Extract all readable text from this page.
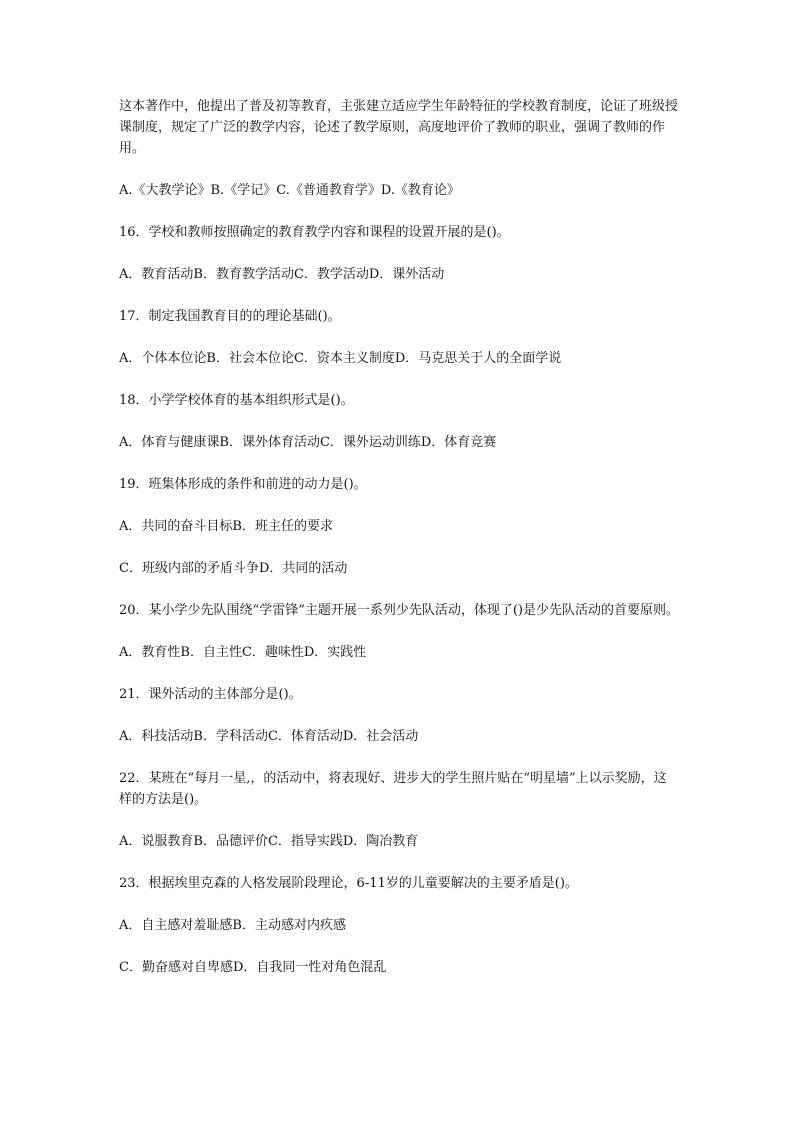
这本著作中，他提出了普及初等教育，主张建立适应学生年龄特征的学校教育制度，论证了班级授课制度，规定了广泛的教学内容，论述了教学原则，高度地评价了教师的职业，强调了教师的作用。

A.《大教学论》B.《学记》C.《普通教育学》D.《教育论》

16．学校和教师按照确定的教育教学内容和课程的设置开展的是()。

A．教育活动B．教育教学活动C．教学活动D．课外活动

17．制定我国教育目的的理论基础()。

A．个体本位论B．社会本位论C．资本主义制度D．马克思关于人的全面学说

18．小学学校体育的基本组织形式是()。

A．体育与健康课B．课外体育活动C．课外运动训练D．体育竞赛

19．班集体形成的条件和前进的动力是()。

A．共同的奋斗目标B．班主任的要求

C．班级内部的矛盾斗争D．共同的活动

20．某小学少先队围绕“学雷锋”主题开展一系列少先队活动，体现了()是少先队活动的首要原则。

A．教育性B．自主性C．趣味性D．实践性

21．课外活动的主体部分是()。

A．科技活动B．学科活动C．体育活动D．社会活动

22．某班在“每月一星,，的活动中，将表现好、进步大的学生照片贴在“明星墙”上以示奖励，这样的方法是()。

A．说服教育B．品德评价C．指导实践D．陶冶教育

23．根据埃里克森的人格发展阶段理论，6-11岁的儿童要解决的主要矛盾是()。

A．自主感对羞耻感B．主动感对内疚感

C．勤奋感对自卑感D．自我同一性对角色混乱
